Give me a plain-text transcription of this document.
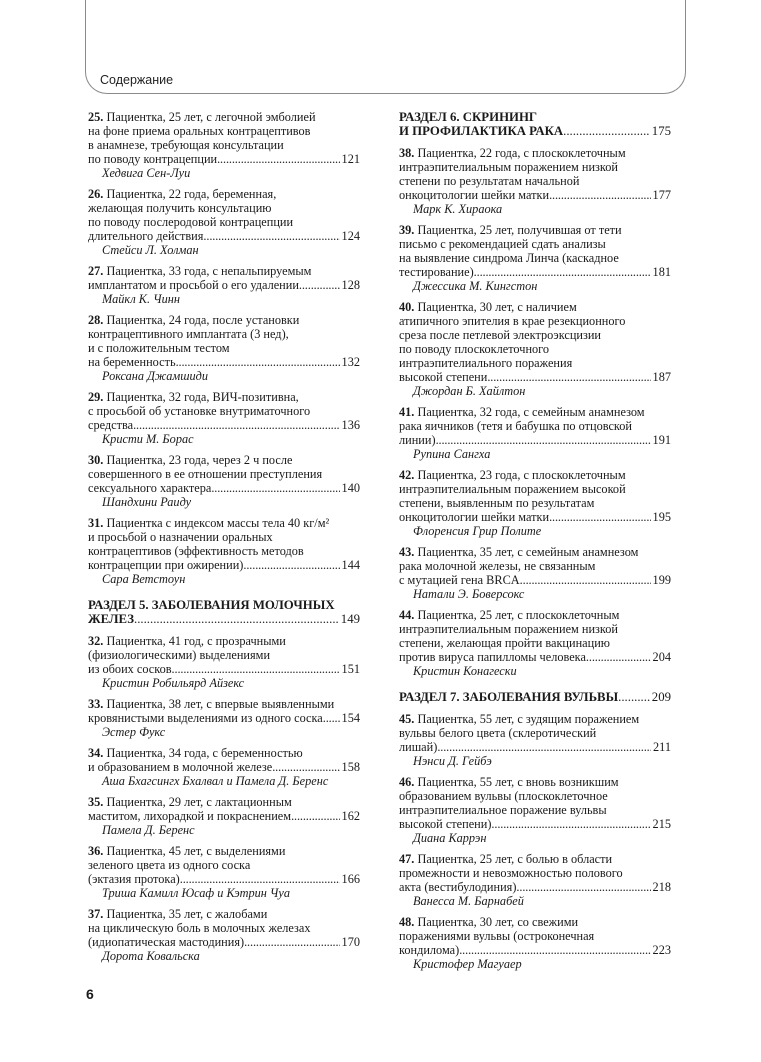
Содержание
25. Пациентка, 25 лет, с легочной эмболией
на фоне приема оральных контрацептивов
в анамнезе, требующая консультации
по поводу контрацепции . . .	121
Хедвига Сен-Луи
26. Пациентка, 22 года, беременная,
желающая получить консультацию
по поводу послеродовой контрацепции
длительного действия . . .	124
Стейси Л. Холман
27. Пациентка, 33 года, с непальпируемым
имплантатом и просьбой о его удалении . . .	128
Майкл К. Чинн
28. Пациентка, 24 года, после установки
контрацептивного имплантата (3 нед),
и с положительным тестом
на беременность . . .	132
Роксана Джамшиди
29. Пациентка, 32 года, ВИЧ-позитивна,
с просьбой об установке внутриматочного
средства . . .	136
Кристи М. Борас
30. Пациентка, 23 года, через 2 ч после
совершенного в ее отношении преступления
сексуального характера . . .	140
Шандхини Раиду
31. Пациентка с индексом массы тела 40 кг/м²
и просьбой о назначении оральных
контрацептивов (эффективность методов
контрацепции при ожирении) . . .	144
Сара Ветстоун
РАЗДЕЛ 5. ЗАБОЛЕВАНИЯ МОЛОЧНЫХ
ЖЕЛЕЗ . . .	149
32. Пациентка, 41 год, с прозрачными
(физиологическими) выделениями
из обоих сосков . . .	151
Кристин Робильярд Айзекс
33. Пациентка, 38 лет, с впервые выявленными
кровянистыми выделениями из одного соска . . . 154
Эстер Фукс
34. Пациентка, 34 года, с беременностью
и образованием в молочной железе . . .	158
Аша Бхагсингх Бхалвал и Памела Д. Беренс
35. Пациентка, 29 лет, с лактационным
маститом, лихорадкой и покраснением . . .	162
Памела Д. Беренс
36. Пациентка, 45 лет, с выделениями
зеленого цвета из одного соска
(эктазия протока) . . .	166
Триша Камилл Юсаф и Кэтрин Чуа
37. Пациентка, 35 лет, с жалобами
на циклическую боль в молочных железах
(идиопатическая мастодиния) . . .	170
Дорота Ковальска
РАЗДЕЛ 6. СКРИНИНГ
И ПРОФИЛАКТИКА РАКА . . .	175
38. Пациентка, 22 года, с плоскоклеточным
интраэпителиальным поражением низкой
степени по результатам начальной
онкоцитологии шейки матки . . .	177
Марк К. Хираока
39. Пациентка, 25 лет, получившая от тети
письмо с рекомендацией сдать анализы
на выявление синдрома Линча (каскадное
тестирование) . . .	181
Джессика М. Кингстон
40. Пациентка, 30 лет, с наличием
атипичного эпителия в крае резекционного
среза после петлевой электроэксцизии
по поводу плоскоклеточного
интраэпителиального поражения
высокой степени . . .	187
Джордан Б. Хайлтон
41. Пациентка, 32 года, с семейным анамнезом
рака яичников (тетя и бабушка по отцовской
линии) . . .	191
Рупина Сангха
42. Пациентка, 23 года, с плоскоклеточным
интраэпителиальным поражением высокой
степени, выявленным по результатам
онкоцитологии шейки матки . . .	195
Флоренсия Грир Полите
43. Пациентка, 35 лет, с семейным анамнезом
рака молочной железы, не связанным
с мутацией гена BRCA . . .	199
Натали Э. Боверсокс
44. Пациентка, 25 лет, с плоскоклеточным
интраэпителиальным поражением низкой
степени, желающая пройти вакцинацию
против вируса папилломы человека . . .	204
Кристин Конагески
РАЗДЕЛ 7. ЗАБОЛЕВАНИЯ ВУЛЬВЫ . . .	209
45. Пациентка, 55 лет, с зудящим поражением
вульвы белого цвета (склеротический
лишай) . . .	211
Нэнси Д. Гейбэ
46. Пациентка, 55 лет, с вновь возникшим
образованием вульвы (плоскоклеточное
интраэпителиальное поражение вульвы
высокой степени) . . .	215
Диана Каррэн
47. Пациентка, 25 лет, с болью в области
промежности и невозможностью полового
акта (вестибулодиния) . . .	218
Ванесса М. Барнабей
48. Пациентка, 30 лет, со свежими
поражениями вульвы (остроконечная
кондилома) . . .	223
Кристофер Магуаер
6
